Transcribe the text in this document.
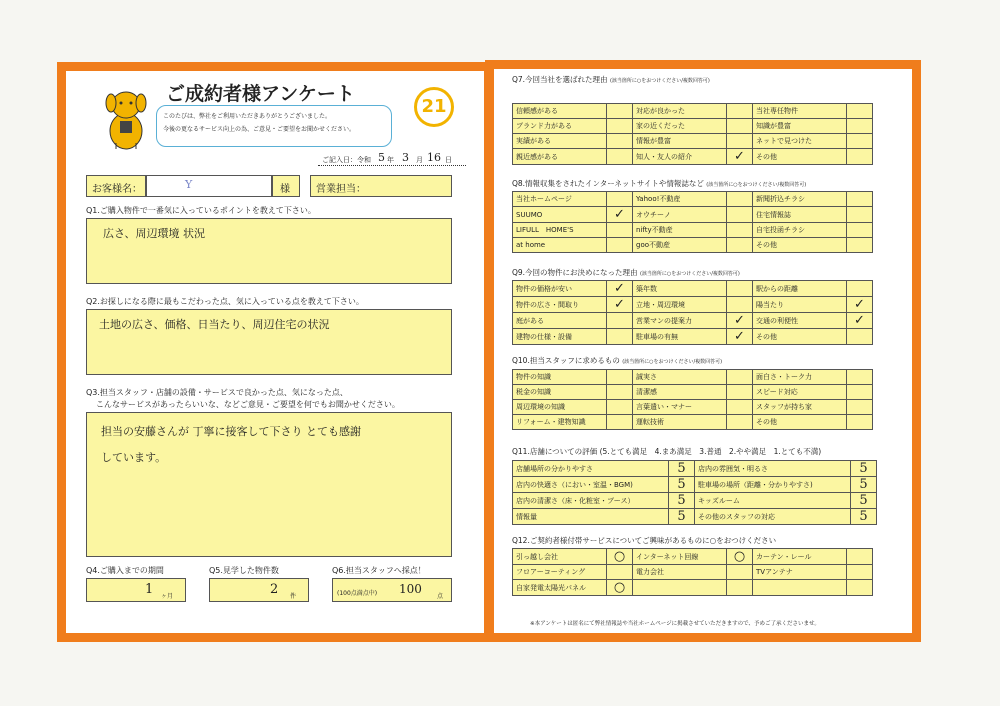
ご成約者様アンケート
このたびは、弊社をご利用いただきありがとうございました。
今後の更なるサービス向上の為、ご意見・ご要望をお聞かせください。
21
ご記入日：令和 5 年 3 月 16 日
お客様名：	Y	様	営業担当：
Q1.ご購入物件で一番気に入っているポイントを教えて下さい。
広さ、周辺環境 状況
Q2.お探しになる際に最もこだわった点、気に入っている点を教えて下さい。
土地の広さ、価格、日当たり、周辺住宅の状況
Q3.担当スタッフ・店舗の設備・サービスで良かった点、気になった点、
こんなサービスがあったらいいな、などご意見・ご要望を何でもお聞かせください。
担当の安藤さんが 丁寧に接客して下さり とても感謝
しています。
Q4.ご購入までの期間
1 ヶ月
Q5.見学した物件数
2 件
Q6.担当スタッフへ採点！
(100点満点中) 100
点
Q7.今回当社を選ばれた理由 (該当箇所に○をおつけください/複数回答可)
信頼感がある		対応が良かった		当社専任物件	
ブランド力がある		家の近くだった		知識が豊富	
実績がある		情報が豊富		ネットで見つけた	
親近感がある		知人・友人の紹介	✓	その他	
Q8.情報収集をされたインターネットサイトや情報誌など (該当箇所に○をおつけください/複数回答可)
当社ホームページ		Yahoo!不動産		新聞折込チラシ	
SUUMO	✓	オウチーノ		住宅情報誌	
LIFULL　HOME'S		nifty不動産		自宅投函チラシ	
at home		goo不動産		その他	
Q9.今回の物件にお決めになった理由 (該当箇所に○をおつけください/複数回答可)
物件の価格が安い	✓	築年数		駅からの距離	
物件の広さ・間取り	✓	立地・周辺環境		陽当たり	✓
庭がある		営業マンの提案力	✓	交通の利便性	✓
建物の仕様・設備		駐車場の有無	✓	その他	
Q10.担当スタッフに求めるもの (該当箇所に○をおつけください/複数回答可)
物件の知識		誠実さ		面白さ・トーク力	
税金の知識		清潔感		スピード対応	
周辺環境の知識		言葉遣い・マナー		スタッフが持ち家	
リフォーム・建物知識		運転技術		その他	
Q11.店舗についての評価 (5.とても満足　4.まあ満足　3.普通　2.やや満足　1.とても不満)
店舗場所の分かりやすさ	5	店内の雰囲気・明るさ	5
店内の快適さ（におい・室温・BGM)	5	駐車場の場所（距離・分かりやすさ)	5
店内の清潔さ（床・化粧室・ブース）	5	キッズルーム	5
情報量	5	その他のスタッフの対応	5
Q12.ご契約者様付帯サービスについてご興味があるものに○をおつけください
引っ越し会社	○	インターネット回線	○	カーテン・レール	
フロアーコーティング		電力会社		TVアンテナ	
自家発電太陽光パネル	○				
※本アンケートは匿名にて弊社情報誌や当社ホームページに掲載させていただきますので、予めご了承くださいませ。
